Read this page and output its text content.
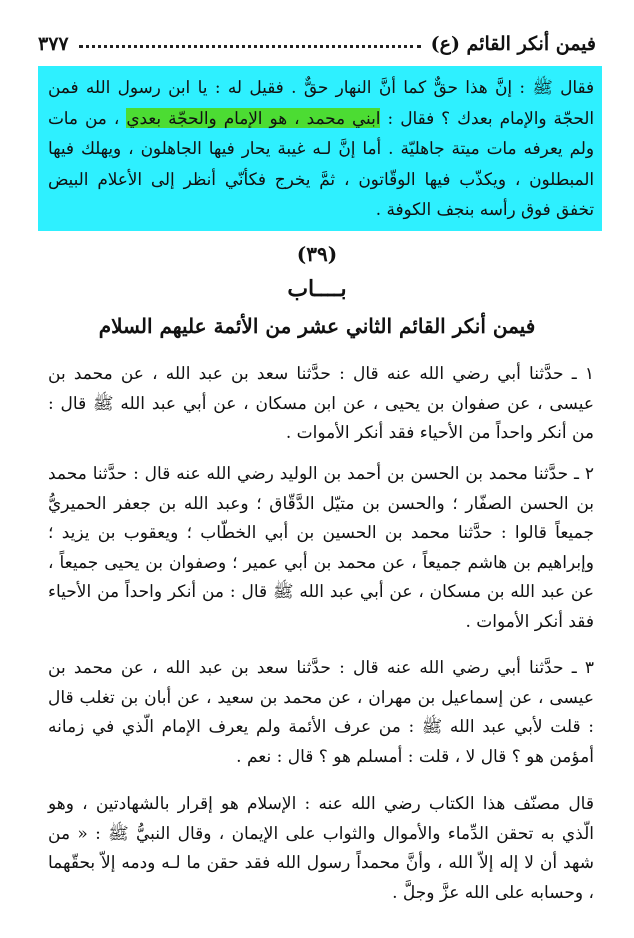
فيمن أنكر القائم (ع)
٣٧٧
فقال ﷺ : إنَّ هذا حقٌّ كما أنَّ النهار حقٌّ . فقيل له : يا ابن رسول الله فمن الحجّة والإمام بعدك ؟ فقال : ابني محمد ، هو الإمام والحجّة بعدي ، من مات ولم يعرفه مات ميتة جاهليّة . أما إنَّ لـه غيبة يحار فيها الجاهلون ، ويهلك فيها المبطلون ، ويكذّب فيها الوقّاتون ، ثمَّ يخرج فكأنّي أنظر إلى الأعلام البيض تخفق فوق رأسه بنجف الكوفة .
(٣٩)
بــــاب
فيمن أنكر القائم الثاني عشر من الأئمة عليهم السلام
١ ـ حدَّثنا أبي رضي الله عنه قال : حدَّثنا سعد بن عبد الله ، عن محمد بن عيسى ، عن صفوان بن يحيى ، عن ابن مسكان ، عن أبي عبد الله ﷺ قال : من أنكر واحداً من الأحياء فقد أنكر الأموات .
٢ ـ حدَّثنا محمد بن الحسن بن أحمد بن الوليد رضي الله عنه قال : حدَّثنا محمد بن الحسن الصفّار ؛ والحسن بن متيّل الدَّقّاق ؛ وعبد الله بن جعفر الحميريُّ جميعاً قالوا : حدَّثنا محمد بن الحسين بن أبي الخطّاب ؛ ويعقوب بن يزيد ؛ وإبراهيم بن هاشم جميعاً ، عن محمد بن أبي عمير ؛ وصفوان بن يحيى جميعاً ، عن عبد الله بن مسكان ، عن أبي عبد الله ﷺ قال : من أنكر واحداً من الأحياء فقد أنكر الأموات .
٣ ـ حدَّثنا أبي رضي الله عنه قال : حدَّثنا سعد بن عبد الله ، عن محمد بن عيسى ، عن إسماعيل بن مهران ، عن محمد بن سعيد ، عن أبان بن تغلب قال : قلت لأبي عبد الله ﷺ : من عرف الأئمة ولم يعرف الإمام الّذي في زمانه أمؤمن هو ؟ قال لا ، قلت : أمسلم هو ؟ قال : نعم .
قال مصنّف هذا الكتاب رضي الله عنه : الإسلام هو إقرار بالشهادتين ، وهو الّذي به تحقن الدِّماء والأموال والثواب على الإيمان ، وقال النبيُّ ﷺ : « من شهد أن لا إله إلاّ الله ، وأنَّ محمداً رسول الله فقد حقن ما لـه ودمه إلاّ بحقّهما ، وحسابه على الله عزَّ وجلَّ .
